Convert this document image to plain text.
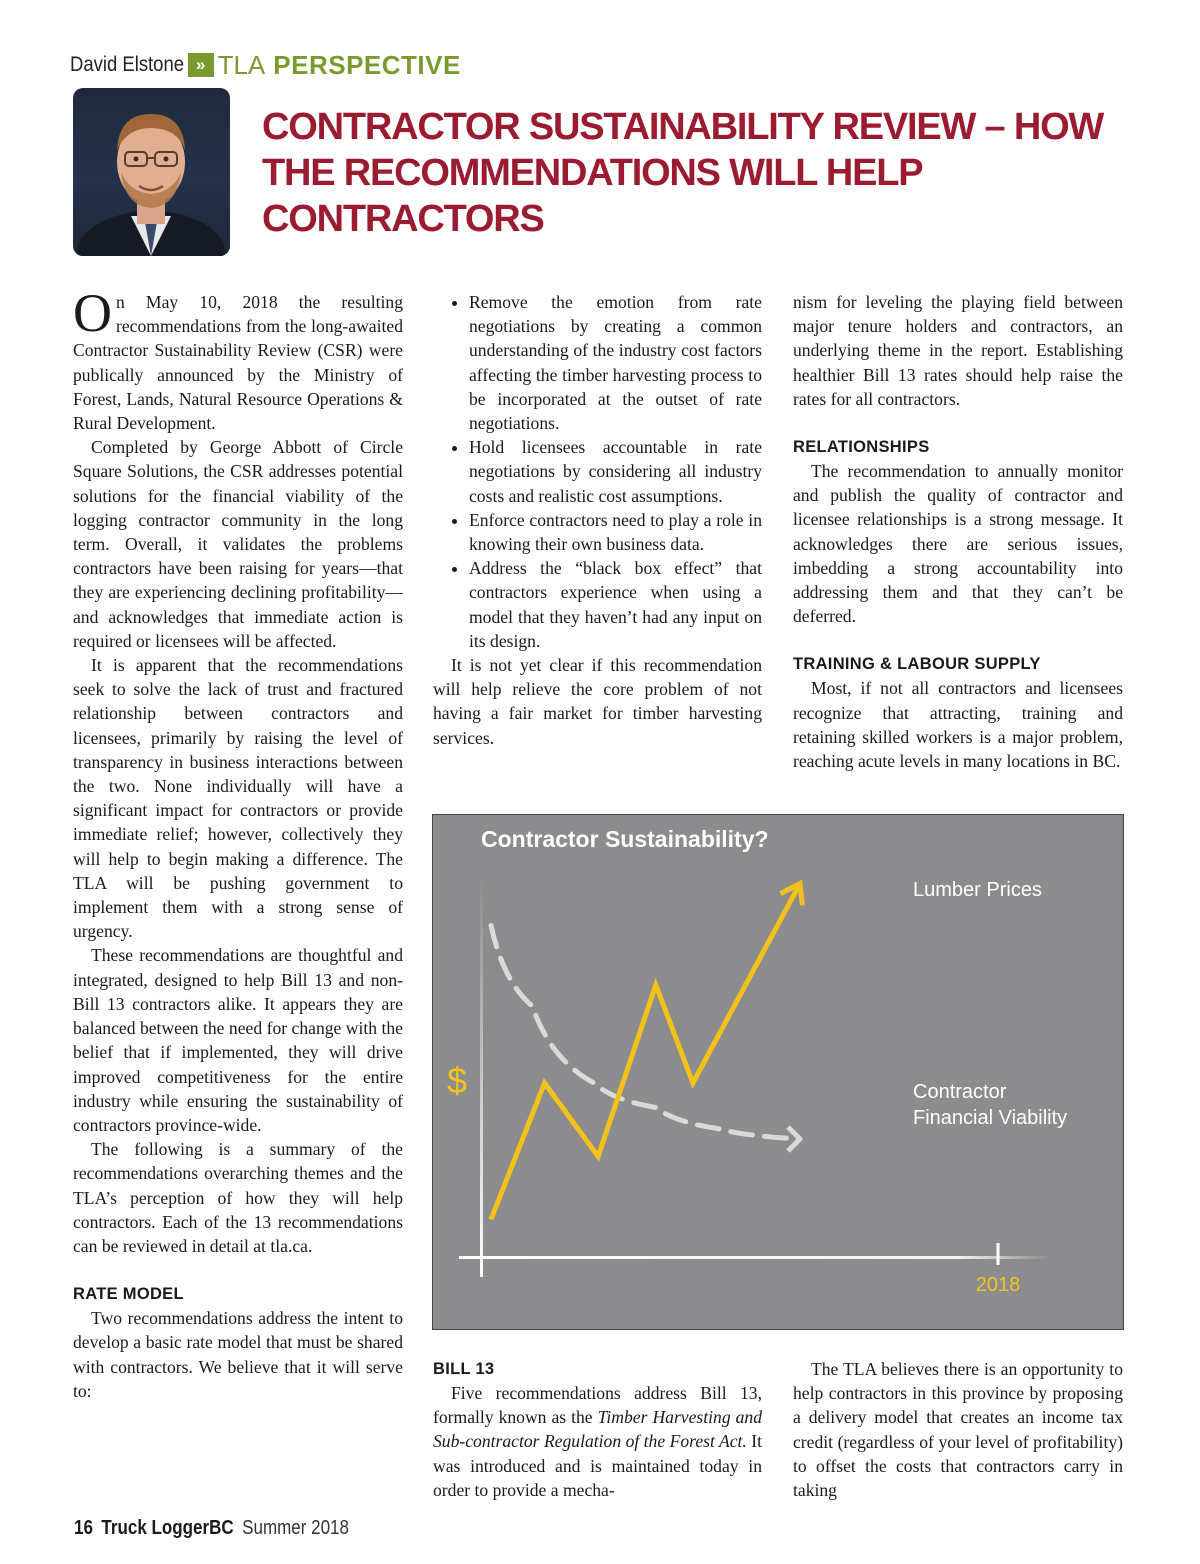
David Elstone » TLA PERSPECTIVE
CONTRACTOR SUSTAINABILITY REVIEW – HOW THE RECOMMENDATIONS WILL HELP CONTRACTORS

On May 10, 2018 the resulting recommendations from the long-awaited Contractor Sustainability Review (CSR) were publically announced by the Ministry of Forest, Lands, Natural Resource Operations & Rural Development.

Completed by George Abbott of Circle Square Solutions, the CSR addresses potential solutions for the financial viability of the logging contractor community in the long term. Overall, it validates the problems contractors have been raising for years—that they are experiencing declining profitability—and acknowledges that immediate action is required or licensees will be affected.

It is apparent that the recommendations seek to solve the lack of trust and fractured relationship between contractors and licensees, primarily by raising the level of transparency in business interactions between the two. None individually will have a significant impact for contractors or provide immediate relief; however, collectively they will help to begin making a difference. The TLA will be pushing government to implement them with a strong sense of urgency.

These recommendations are thoughtful and integrated, designed to help Bill 13 and non-Bill 13 contractors alike. It appears they are balanced between the need for change with the belief that if implemented, they will drive improved competitiveness for the entire industry while ensuring the sustainability of contractors province-wide.

The following is a summary of the recommendations overarching themes and the TLA’s perception of how they will help contractors. Each of the 13 recommendations can be reviewed in detail at tla.ca.

RATE MODEL

Two recommendations address the intent to develop a basic rate model that must be shared with contractors. We believe that it will serve to:

• Remove the emotion from rate negotiations by creating a common understanding of the industry cost factors affecting the timber harvesting process to be incorporated at the outset of rate negotiations.
• Hold licensees accountable in rate negotiations by considering all industry costs and realistic cost assumptions.
• Enforce contractors need to play a role in knowing their own business data.
• Address the “black box effect” that contractors experience when using a model that they haven’t had any input on its design.

It is not yet clear if this recommendation will help relieve the core problem of not having a fair market for timber harvesting services.

nism for leveling the playing field between major tenure holders and contractors, an underlying theme in the report. Establishing healthier Bill 13 rates should help raise the rates for all contractors.

RELATIONSHIPS

The recommendation to annually monitor and publish the quality of contractor and licensee relationships is a strong message. It acknowledges there are serious issues, imbedding a strong accountability into addressing them and that they can’t be deferred.

TRAINING & LABOUR SUPPLY

Most, if not all contractors and licensees recognize that attracting, training and retaining skilled workers is a major problem, reaching acute levels in many locations in BC.

Contractor Sustainability?
2018
$
Lumber Prices
Contractor Financial Viability
BILL 13

Five recommendations address Bill 13, formally known as the Timber Harvesting and Sub-contractor Regulation of the Forest Act. It was introduced and is maintained today in order to provide a mecha-

The TLA believes there is an opportunity to help contractors in this province by proposing a delivery model that creates an income tax credit (regardless of your level of profitability) to offset the costs that contractors carry in taking

16 Truck LoggerBC Summer 2018
